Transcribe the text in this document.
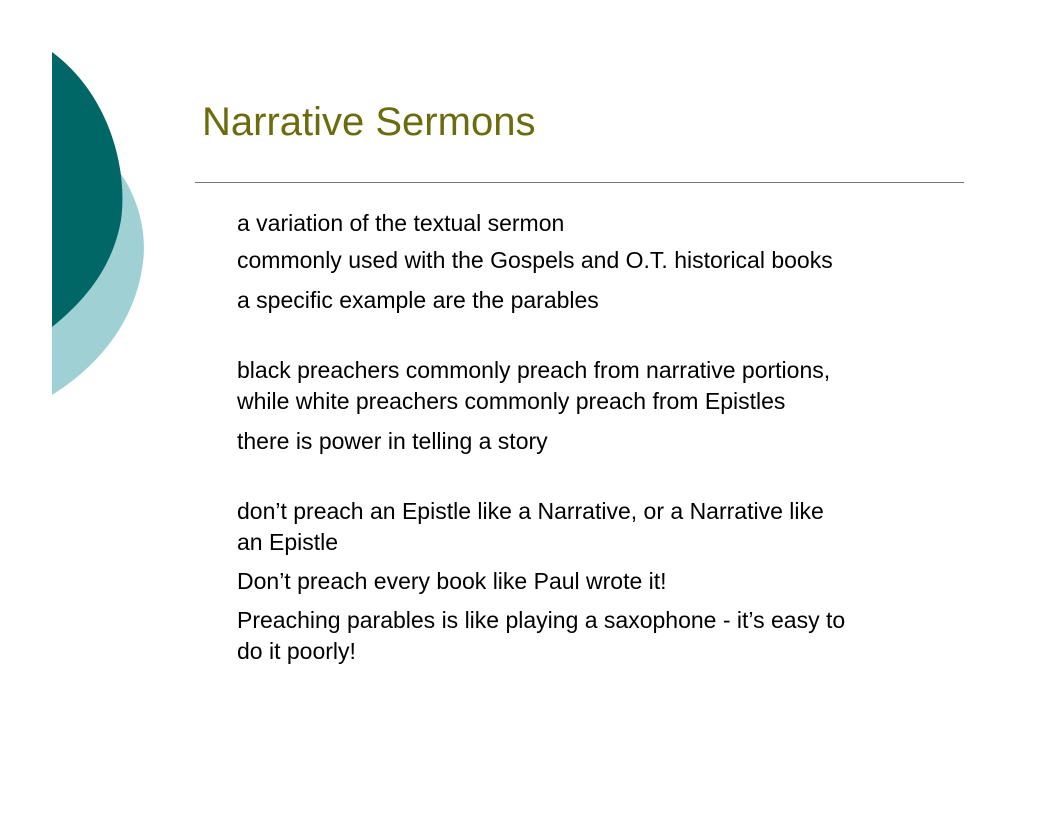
Narrative Sermons
a variation of the textual sermon
commonly used with the Gospels and O.T. historical books
a specific example are the parables
black preachers commonly preach from narrative portions,
while white preachers commonly preach from Epistles
there is power in telling a story
don’t preach an Epistle like a Narrative, or a Narrative like
an Epistle
Don’t preach every book like Paul wrote it!
Preaching parables is like playing a saxophone - it’s easy to
do it poorly!
